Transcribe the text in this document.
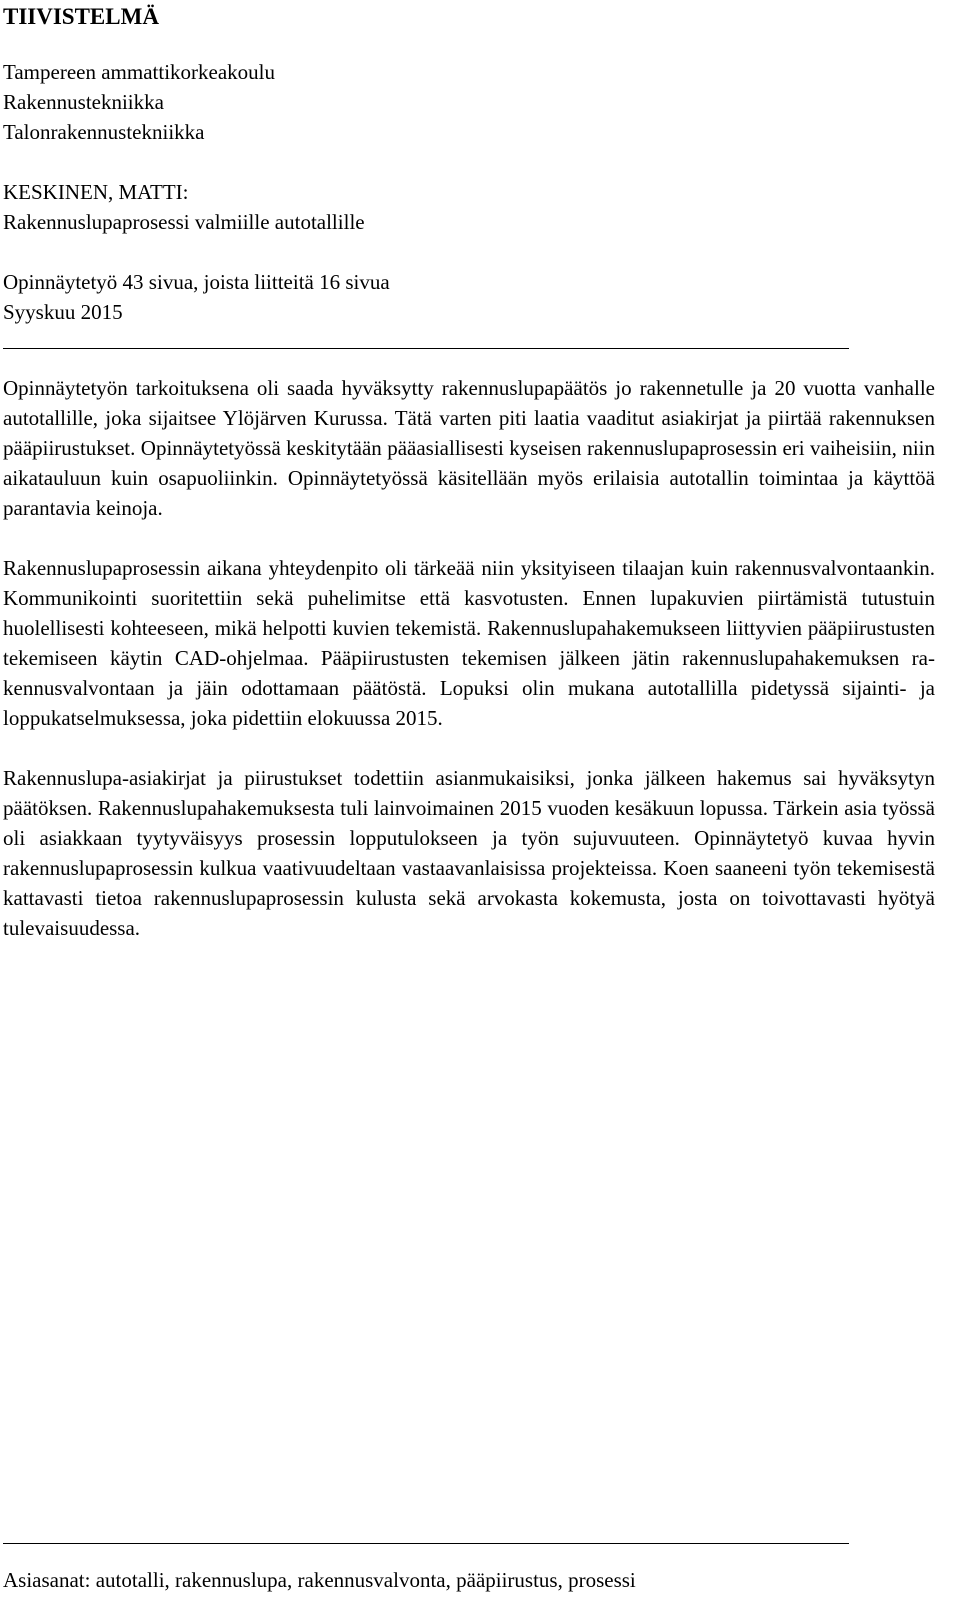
TIIVISTELMÄ
Tampereen ammattikorkeakoulu
Rakennustekniikka
Talonrakennustekniikka
KESKINEN, MATTI:
Rakennuslupaprosessi valmiille autotallille
Opinnäytetyö 43 sivua, joista liitteitä 16 sivua
Syyskuu 2015

Opinnäytetyön tarkoituksena oli saada hyväksytty rakennuslupapäätös jo rakennetulle ja 20 vuotta vanhalle autotallille, joka sijaitsee Ylöjärven Kurussa. Tätä varten piti laatia vaaditut asiakirjat ja piirtää rakennuksen pääpiirustukset. Opinnäytetyössä keskitytään pääasiallisesti kyseisen rakennuslupaprosessin eri vaiheisiin, niin aikatauluun kuin osapuoliinkin. Opinnäytetyössä käsitellään myös erilaisia autotallin toimintaa ja käyttöä parantavia keinoja.

Rakennuslupaprosessin aikana yhteydenpito oli tärkeää niin yksityiseen tilaajan kuin rakennusvalvontaankin. Kommunikointi suoritettiin sekä puhelimitse että kasvotusten. Ennen lupakuvien piirtämistä tutustuin huolellisesti kohteeseen, mikä helpotti kuvien tekemistä. Rakennuslupahakemukseen liittyvien pääpiirustusten tekemiseen käytin CAD-ohjelmaa. Pääpiirustusten tekemisen jälkeen jätin rakennuslupahakemuksen rakennusvalvontaan ja jäin odottamaan päätöstä. Lopuksi olin mukana autotallilla pidetyssä sijainti- ja loppukatselmuksessa, joka pidettiin elokuussa 2015.

Rakennuslupa-asiakirjat ja piirustukset todettiin asianmukaisiksi, jonka jälkeen hakemus sai hyväksytyn päätöksen. Rakennuslupahakemuksesta tuli lainvoimainen 2015 vuoden kesäkuun lopussa. Tärkein asia työssä oli asiakkaan tyytyväisyys prosessin lopputulokseen ja työn sujuvuuteen. Opinnäytetyö kuvaa hyvin rakennuslupaprosessin kulkua vaativuudeltaan vastaavanlaisissa projekteissa. Koen saaneeni työn tekemisestä kattavasti tietoa rakennuslupaprosessin kulusta sekä arvokasta kokemusta, josta on toivottavasti hyötyä tulevaisuudessa.

Asiasanat: autotalli, rakennuslupa, rakennusvalvonta, pääpiirustus, prosessi
